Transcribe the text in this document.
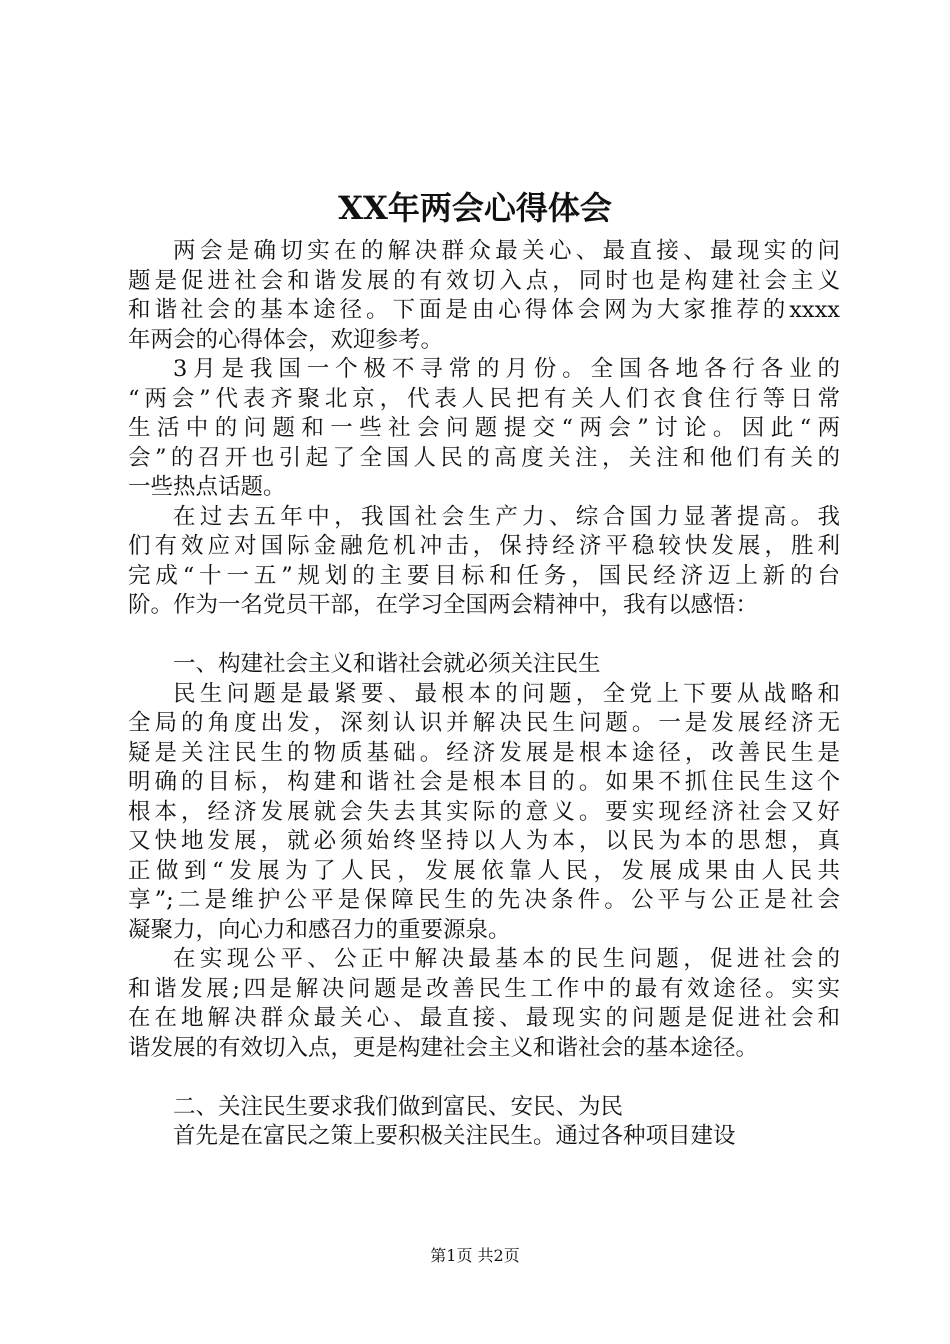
XX年两会心得体会
两会是确切实在的解决群众最关心、最直接、最现实的问
题是促进社会和谐发展的有效切入点，同时也是构建社会主义
和谐社会的基本途径。下面是由心得体会网为大家推荐的xxxx
年两会的心得体会，欢迎参考。
3月是我国一个极不寻常的月份。全国各地各行各业的
“两会”代表齐聚北京，代表人民把有关人们衣食住行等日常
生活中的问题和一些社会问题提交“两会”讨论。因此“两
会”的召开也引起了全国人民的高度关注，关注和他们有关的
一些热点话题。
在过去五年中，我国社会生产力、综合国力显著提高。我
们有效应对国际金融危机冲击，保持经济平稳较快发展，胜利
完成“十一五”规划的主要目标和任务，国民经济迈上新的台
阶。作为一名党员干部，在学习全国两会精神中，我有以感悟：
一、构建社会主义和谐社会就必须关注民生
民生问题是最紧要、最根本的问题，全党上下要从战略和
全局的角度出发，深刻认识并解决民生问题。一是发展经济无
疑是关注民生的物质基础。经济发展是根本途径，改善民生是
明确的目标，构建和谐社会是根本目的。如果不抓住民生这个
根本，经济发展就会失去其实际的意义。要实现经济社会又好
又快地发展，就必须始终坚持以人为本，以民为本的思想，真
正做到“发展为了人民，发展依靠人民，发展成果由人民共
享”;二是维护公平是保障民生的先决条件。公平与公正是社会
凝聚力，向心力和感召力的重要源泉。
在实现公平、公正中解决最基本的民生问题，促进社会的
和谐发展;四是解决问题是改善民生工作中的最有效途径。实实
在在地解决群众最关心、最直接、最现实的问题是促进社会和
谐发展的有效切入点，更是构建社会主义和谐社会的基本途径。
二、关注民生要求我们做到富民、安民、为民
首先是在富民之策上要积极关注民生。通过各种项目建设
第1页 共2页
